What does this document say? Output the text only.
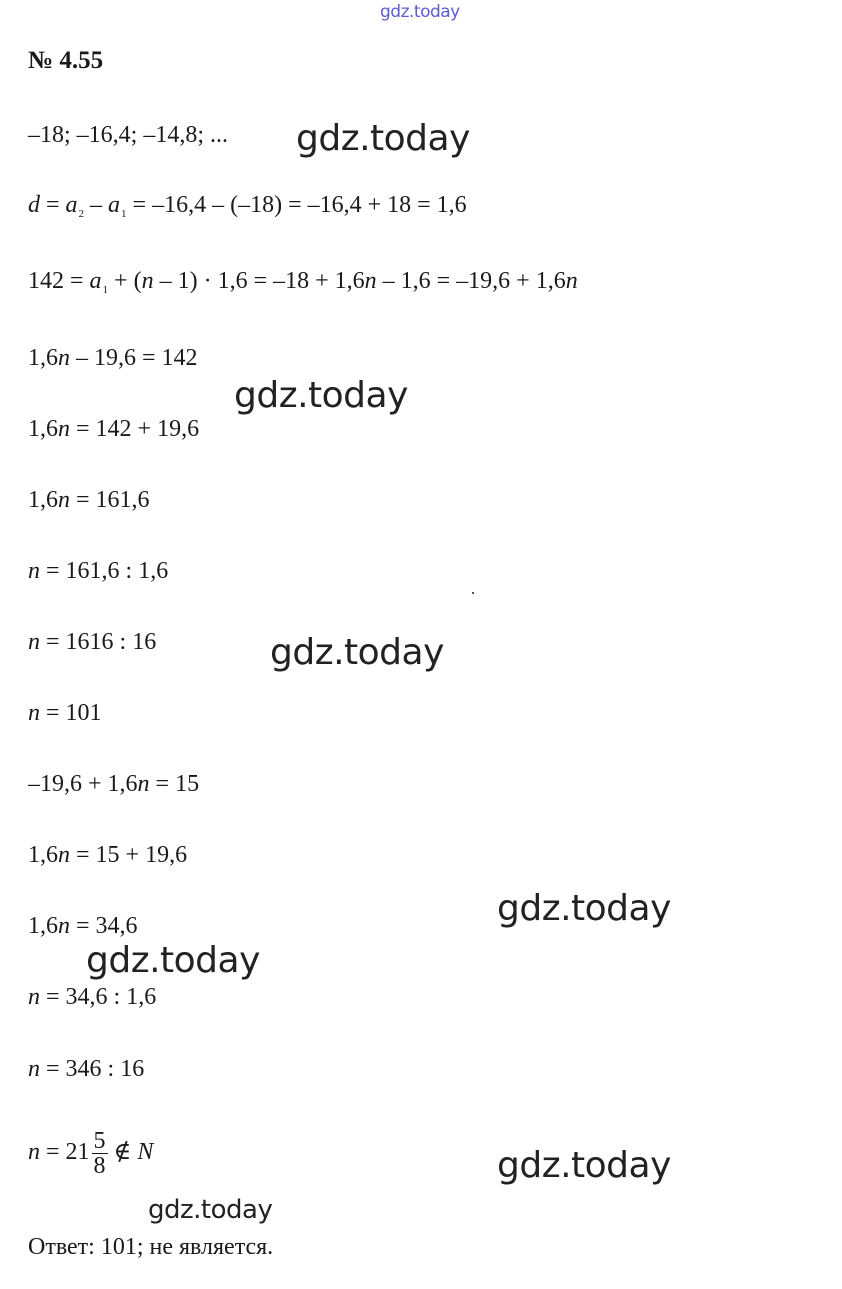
gdz.today
№ 4.55
–18; –16,4; –14,8; ...
$d = a_2 - a_1 = -16,4 - (-18) = -16,4 + 18 = 1,6$
$142 = a_1 + (n - 1) \cdot 1,6 = -18 + 1,6n - 1,6 = -19,6 + 1,6n$
1,6n – 19,6 = 142
1,6n = 142 + 19,6
1,6n = 161,6
n = 161,6 : 1,6
n = 1616 : 16
n = 101
–19,6 + 1,6n = 15
1,6n = 15 + 19,6
1,6n = 34,6
n = 34,6 : 1,6
n = 346 : 16
$n = 21 \frac{5}{8}$ ∉ N
Ответ: 101; не является.
gdz.today
gdz.today
gdz.today
gdz.today
gdz.today
gdz.today
gdz.today
